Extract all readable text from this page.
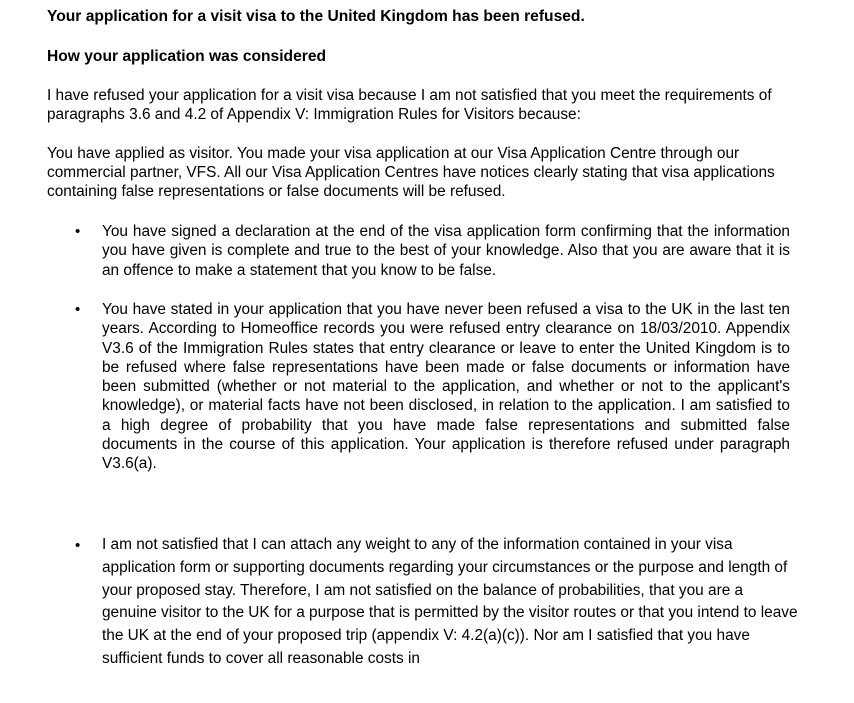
Your application for a visit visa to the United Kingdom has been refused.
How your application was considered

I have refused your application for a visit visa because I am not satisfied that you meet the requirements of paragraphs 3.6 and 4.2 of Appendix V: Immigration Rules for Visitors because:

You have applied as visitor. You made your visa application at our Visa Application Centre through our commercial partner, VFS. All our Visa Application Centres have notices clearly stating that visa applications containing false representations or false documents will be refused.

• You have signed a declaration at the end of the visa application form confirming that the information you have given is complete and true to the best of your knowledge. Also that you are aware that it is an offence to make a statement that you know to be false.

• You have stated in your application that you have never been refused a visa to the UK in the last ten years. According to Homeoffice records you were refused entry clearance on 18/03/2010. Appendix V3.6 of the Immigration Rules states that entry clearance or leave to enter the United Kingdom is to be refused where false representations have been made or false documents or information have been submitted (whether or not material to the application, and whether or not to the applicant's knowledge), or material facts have not been disclosed, in relation to the application. I am satisfied to a high degree of probability that you have made false representations and submitted false documents in the course of this application. Your application is therefore refused under paragraph V3.6(a).

• I am not satisfied that I can attach any weight to any of the information contained in your visa application form or supporting documents regarding your circumstances or the purpose and length of your proposed stay. Therefore, I am not satisfied on the balance of probabilities, that you are a genuine visitor to the UK for a purpose that is permitted by the visitor routes or that you intend to leave the UK at the end of your proposed trip (appendix V: 4.2(a)(c)). Nor am I satisfied that you have sufficient funds to cover all reasonable costs in
